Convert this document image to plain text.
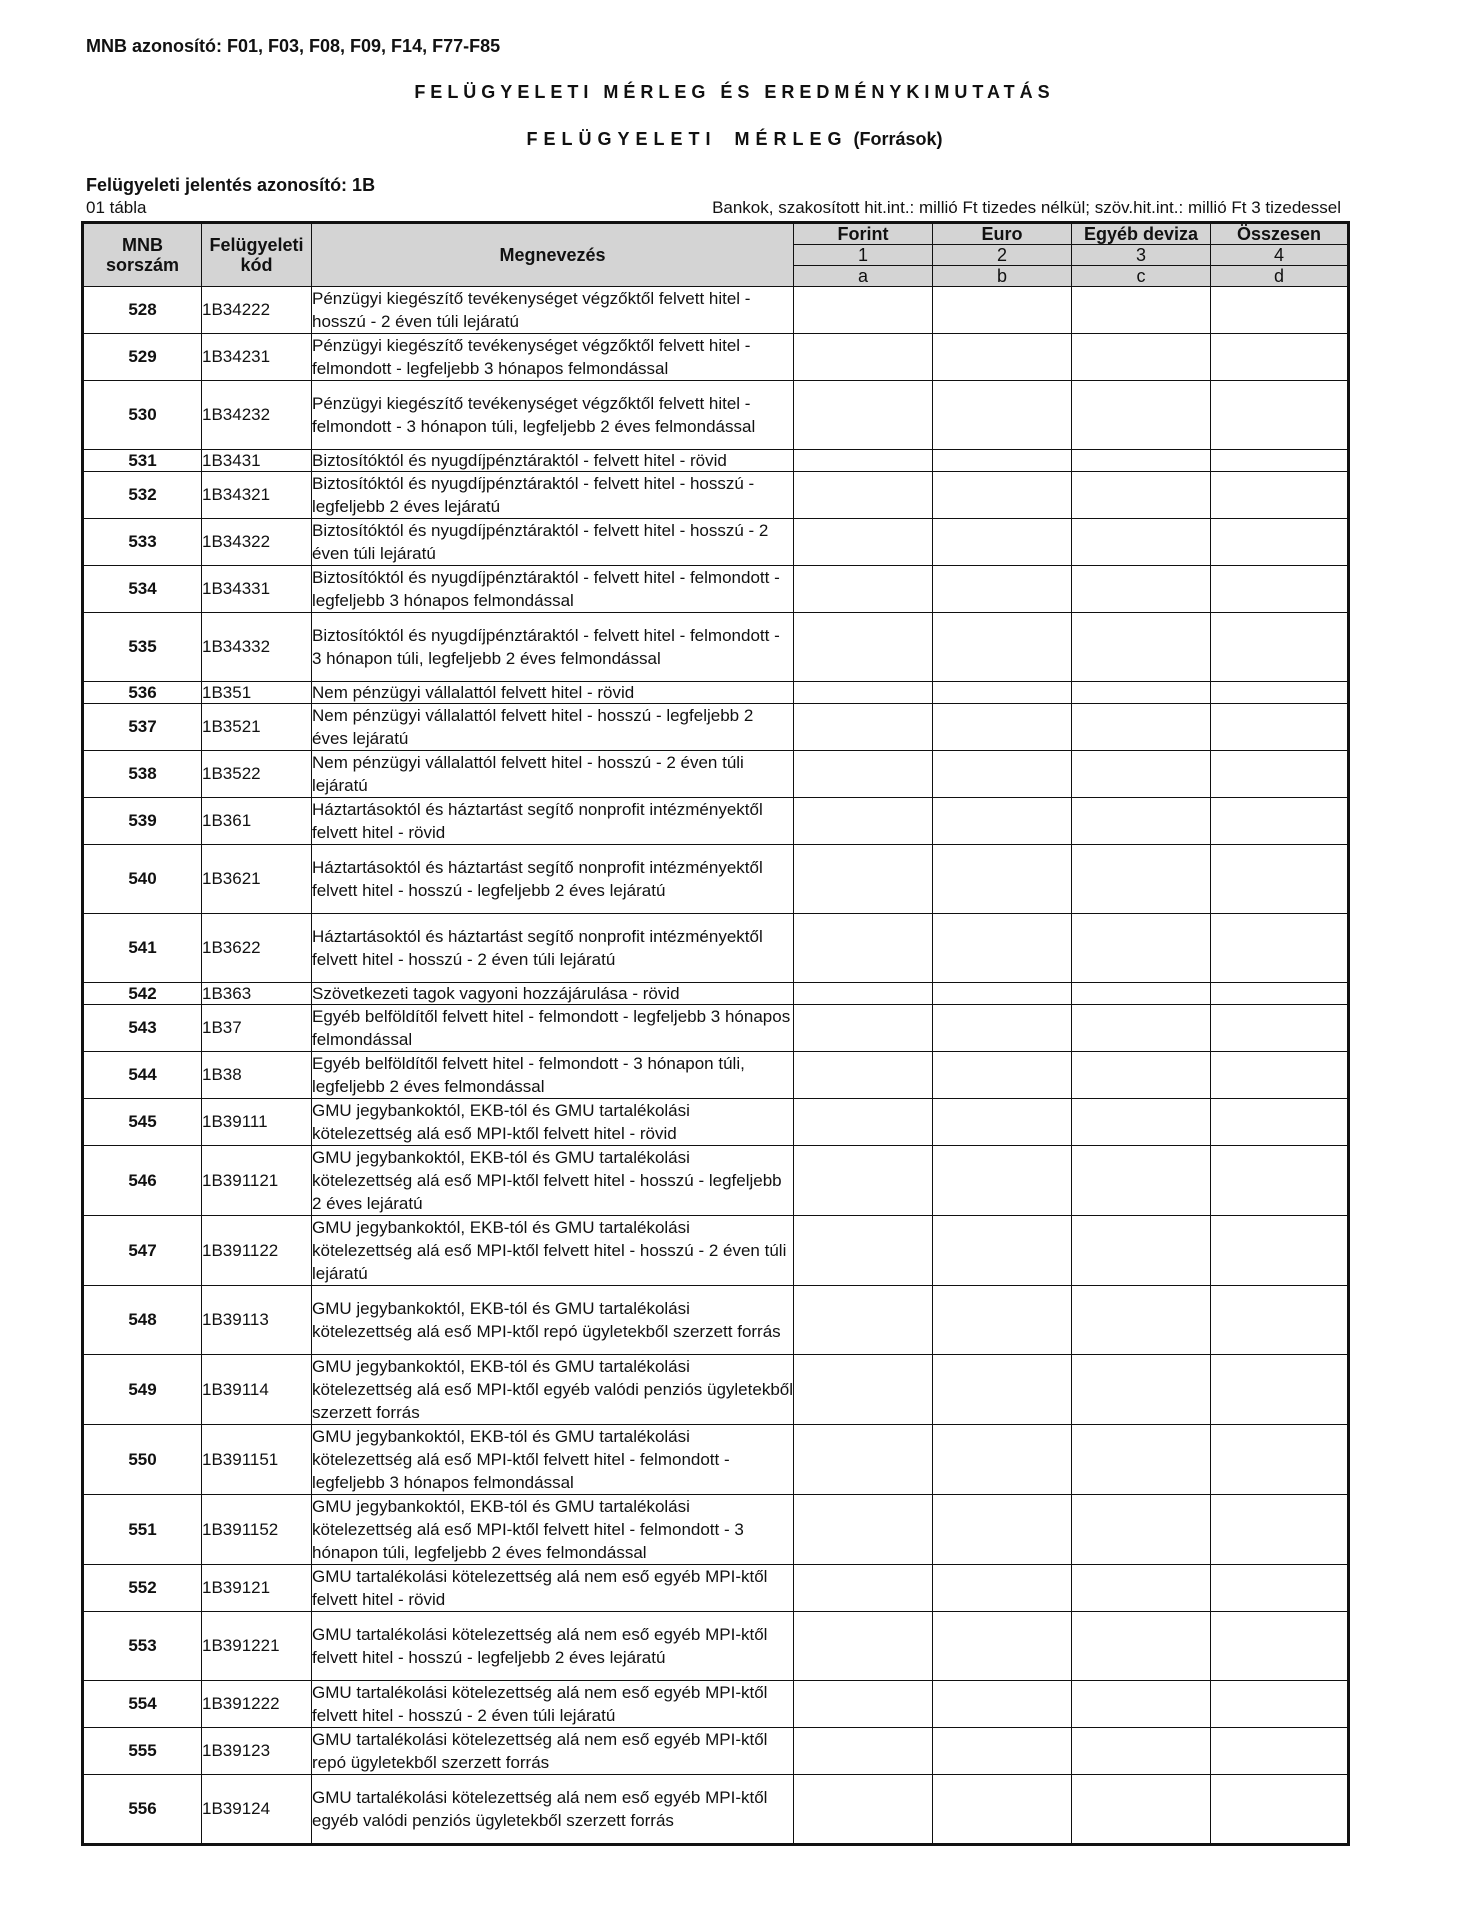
MNB azonosító: F01, F03, F08, F09, F14, F77-F85
FELÜGYELETI MÉRLEG ÉS EREDMÉNYKIMUTATÁS
FELÜGYELETI MÉRLEG (Források)
Felügyeleti jelentés azonosító: 1B
01 tábla	Bankok, szakosított hit.int.: millió Ft tizedes nélkül; szöv.hit.int.: millió Ft 3 tizedessel
MNB sorszám	Felügyeleti kód	Megnevezés	Forint	Euro	Egyéb deviza	Összesen
			1	2	3	4
			a	b	c	d
528	1B34222	Pénzügyi kiegészítő tevékenységet végzőktől felvett hitel - hosszú - 2 éven túli lejáratú				
529	1B34231	Pénzügyi kiegészítő tevékenységet végzőktől felvett hitel - felmondott - legfeljebb 3 hónapos felmondással				
530	1B34232	Pénzügyi kiegészítő tevékenységet végzőktől felvett hitel - felmondott - 3 hónapon túli, legfeljebb 2 éves felmondással				
531	1B3431	Biztosítóktól és nyugdíjpénztáraktól - felvett hitel - rövid				
532	1B34321	Biztosítóktól és nyugdíjpénztáraktól - felvett hitel - hosszú - legfeljebb 2 éves lejáratú				
533	1B34322	Biztosítóktól és nyugdíjpénztáraktól - felvett hitel - hosszú - 2 éven túli lejáratú				
534	1B34331	Biztosítóktól és nyugdíjpénztáraktól - felvett hitel - felmondott - legfeljebb 3 hónapos felmondással				
535	1B34332	Biztosítóktól és nyugdíjpénztáraktól - felvett hitel - felmondott - 3 hónapon túli, legfeljebb 2 éves felmondással				
536	1B351	Nem pénzügyi vállalattól felvett hitel - rövid				
537	1B3521	Nem pénzügyi vállalattól felvett hitel - hosszú - legfeljebb 2 éves lejáratú				
538	1B3522	Nem pénzügyi vállalattól felvett hitel - hosszú - 2 éven túli lejáratú				
539	1B361	Háztartásoktól és háztartást segítő nonprofit intézményektől felvett hitel - rövid				
540	1B3621	Háztartásoktól és háztartást segítő nonprofit intézményektől felvett hitel - hosszú - legfeljebb 2 éves lejáratú				
541	1B3622	Háztartásoktól és háztartást segítő nonprofit intézményektől felvett hitel - hosszú - 2 éven túli lejáratú				
542	1B363	Szövetkezeti tagok vagyoni hozzájárulása - rövid				
543	1B37	Egyéb belföldítől felvett hitel - felmondott - legfeljebb 3 hónapos felmondással				
544	1B38	Egyéb belföldítől felvett hitel - felmondott - 3 hónapon túli, legfeljebb 2 éves felmondással				
545	1B39111	GMU jegybankoktól, EKB-tól és GMU tartalékolási kötelezettség alá eső MPI-ktől felvett hitel - rövid				
546	1B391121	GMU jegybankoktól, EKB-tól és GMU tartalékolási kötelezettség alá eső MPI-ktől felvett hitel - hosszú - legfeljebb 2 éves lejáratú				
547	1B391122	GMU jegybankoktól, EKB-tól és GMU tartalékolási kötelezettség alá eső MPI-ktől felvett hitel - hosszú - 2 éven túli lejáratú				
548	1B39113	GMU jegybankoktól, EKB-tól és GMU tartalékolási kötelezettség alá eső MPI-ktől repó ügyletekből szerzett forrás				
549	1B39114	GMU jegybankoktól, EKB-tól és GMU tartalékolási kötelezettség alá eső MPI-ktől egyéb valódi penziós ügyletekből szerzett forrás				
550	1B391151	GMU jegybankoktól, EKB-tól és GMU tartalékolási kötelezettség alá eső MPI-ktől felvett hitel - felmondott - legfeljebb 3 hónapos felmondással				
551	1B391152	GMU jegybankoktól, EKB-tól és GMU tartalékolási kötelezettség alá eső MPI-ktől felvett hitel - felmondott - 3 hónapon túli, legfeljebb 2 éves felmondással				
552	1B39121	GMU tartalékolási kötelezettség alá nem eső egyéb MPI-ktől felvett hitel - rövid				
553	1B391221	GMU tartalékolási kötelezettség alá nem eső egyéb MPI-ktől felvett hitel - hosszú - legfeljebb 2 éves lejáratú				
554	1B391222	GMU tartalékolási kötelezettség alá nem eső egyéb MPI-ktől felvett hitel - hosszú - 2 éven túli lejáratú				
555	1B39123	GMU tartalékolási kötelezettség alá nem eső egyéb MPI-ktől repó ügyletekből szerzett forrás				
556	1B39124	GMU tartalékolási kötelezettség alá nem eső egyéb MPI-ktől egyéb valódi penziós ügyletekből szerzett forrás				
